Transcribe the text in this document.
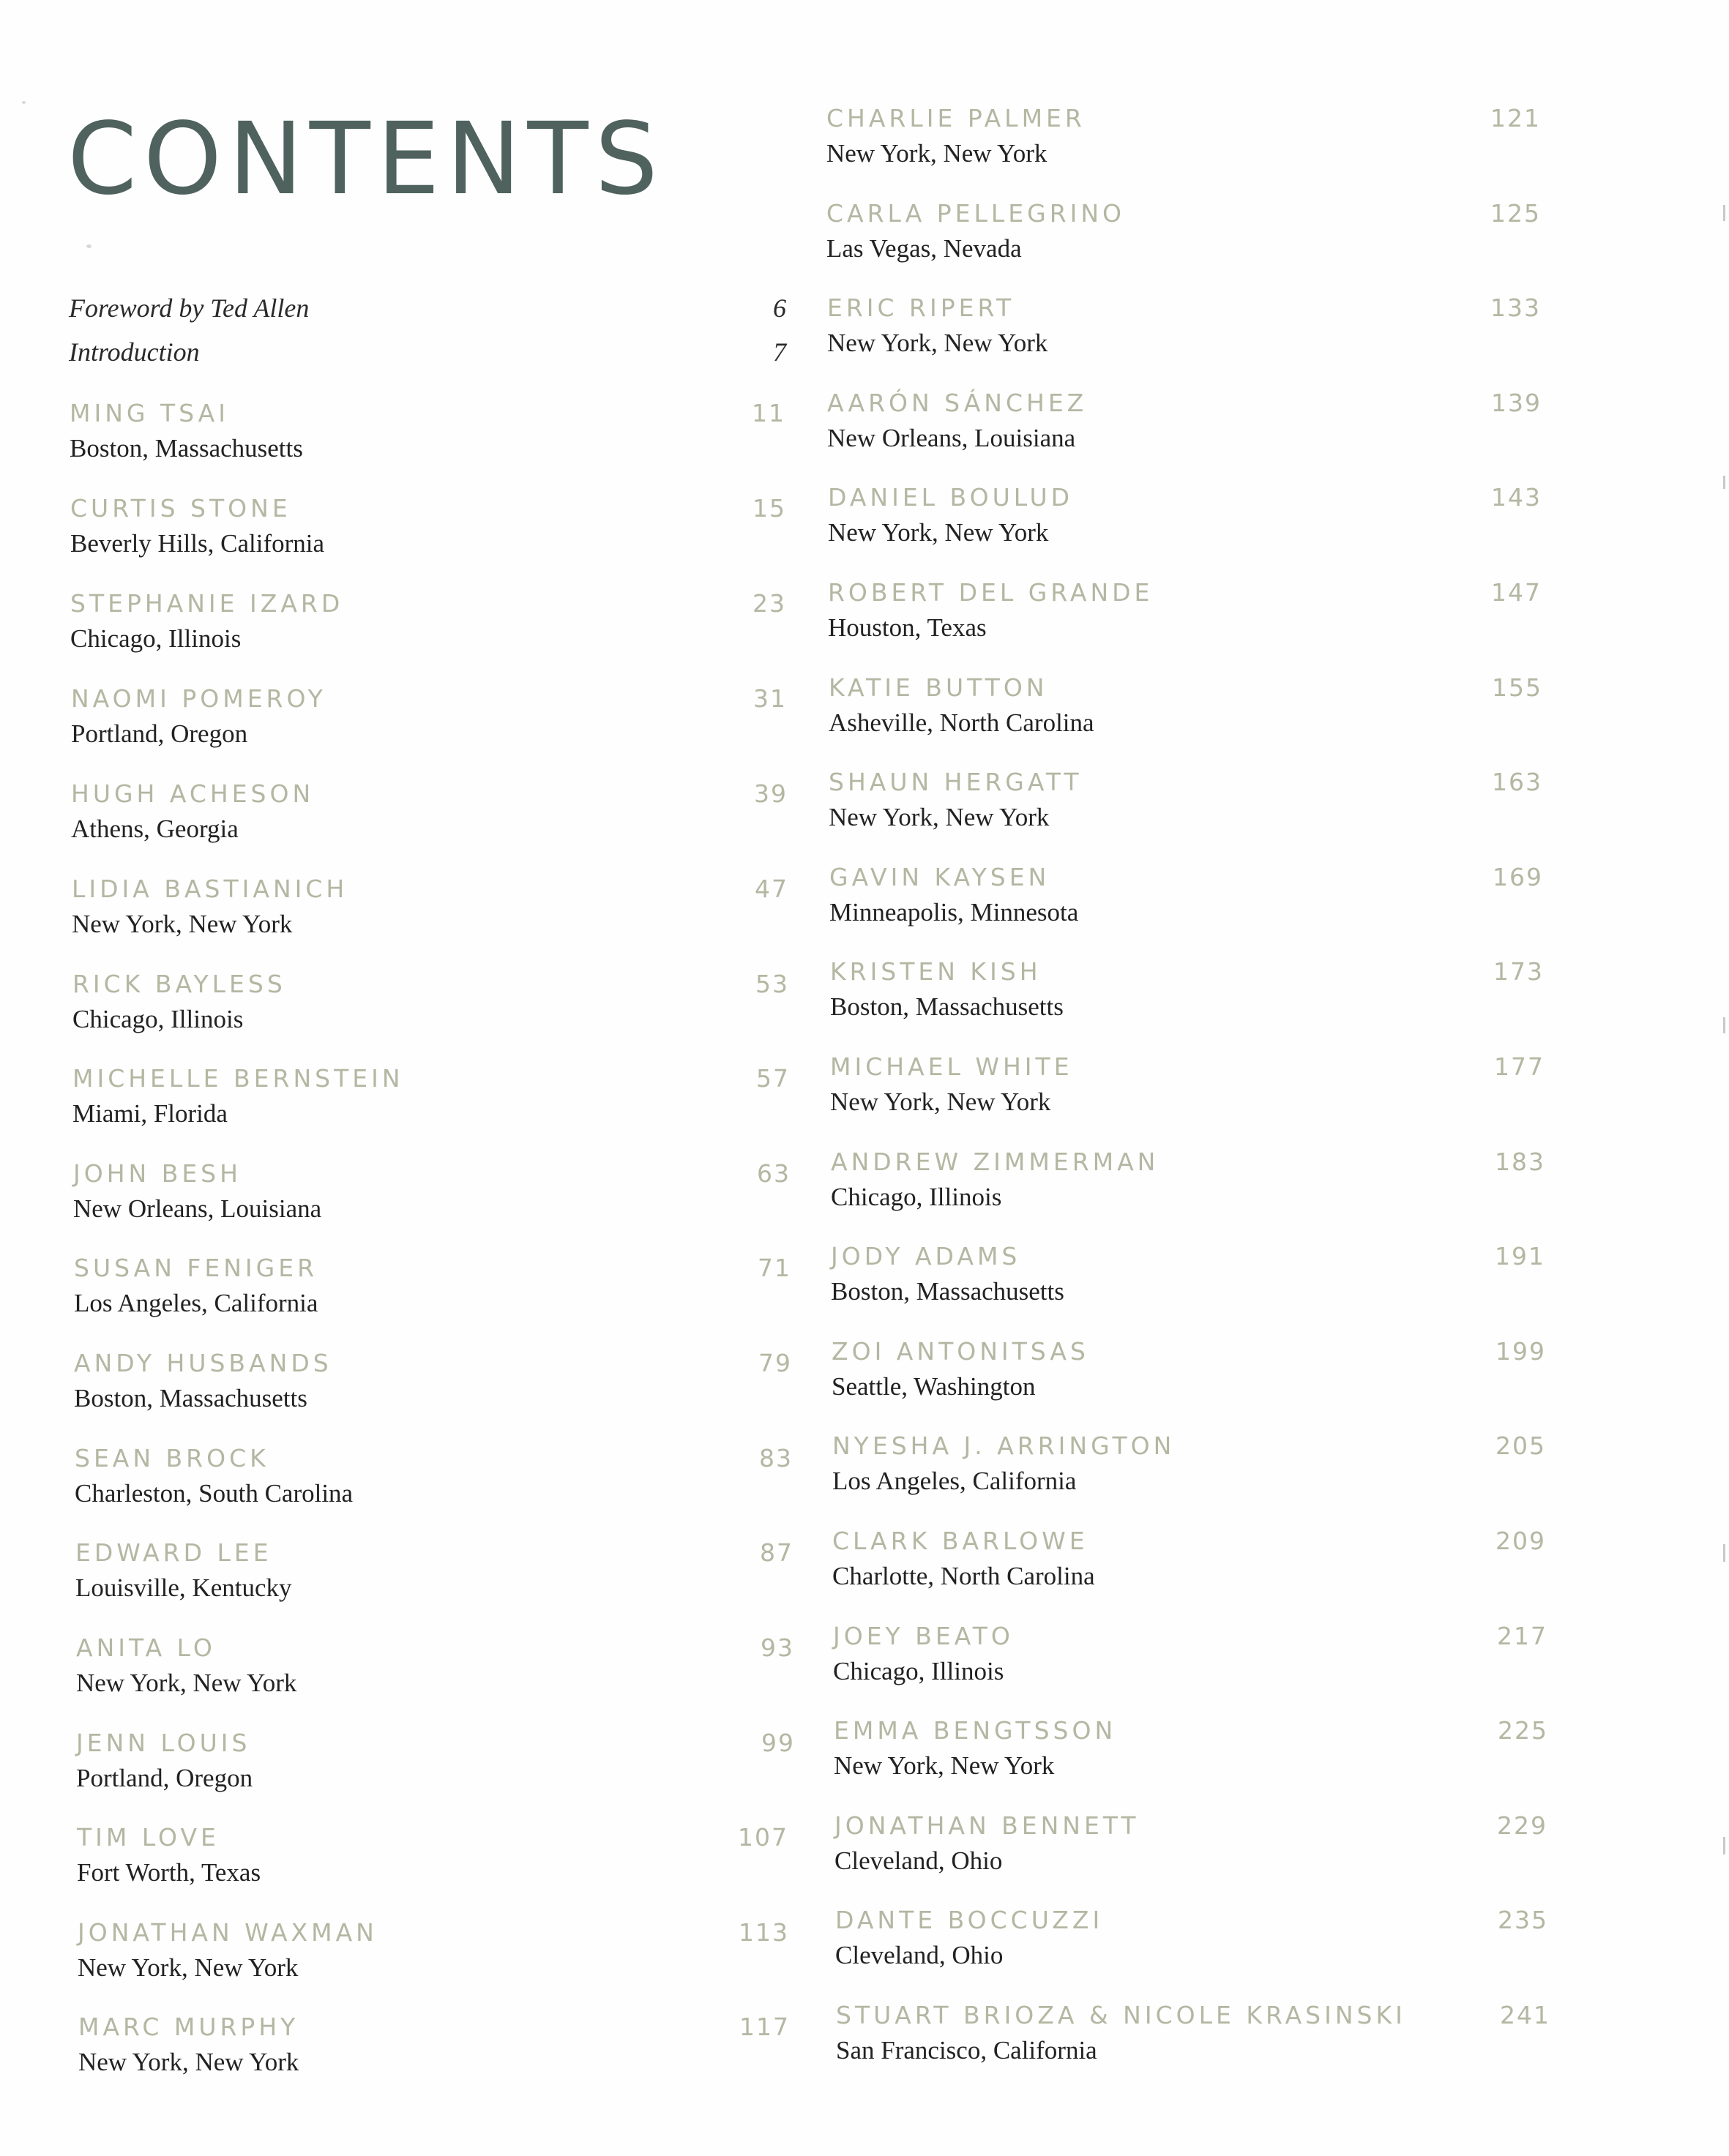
CONTENTS
Foreword by Ted Allen	6
Introduction	7
MING TSAI
Boston, Massachusetts
11
CURTIS STONE
Beverly Hills, California
15
STEPHANIE IZARD
Chicago, Illinois
23
NAOMI POMEROY
Portland, Oregon
31
HUGH ACHESON
Athens, Georgia
39
LIDIA BASTIANICH
New York, New York
47
RICK BAYLESS
Chicago, Illinois
53
MICHELLE BERNSTEIN
Miami, Florida
57
JOHN BESH
New Orleans, Louisiana
63
SUSAN FENIGER
Los Angeles, California
71
ANDY HUSBANDS
Boston, Massachusetts
79
SEAN BROCK
Charleston, South Carolina
83
EDWARD LEE
Louisville, Kentucky
87
ANITA LO
New York, New York
93
JENN LOUIS
Portland, Oregon
99
TIM LOVE
Fort Worth, Texas
107
JONATHAN WAXMAN
New York, New York
113
MARC MURPHY
New York, New York
117
CHARLIE PALMER
New York, New York
121
CARLA PELLEGRINO
Las Vegas, Nevada
125
ERIC RIPERT
New York, New York
133
AARÓN SÁNCHEZ
New Orleans, Louisiana
139
DANIEL BOULUD
New York, New York
143
ROBERT DEL GRANDE
Houston, Texas
147
KATIE BUTTON
Asheville, North Carolina
155
SHAUN HERGATT
New York, New York
163
GAVIN KAYSEN
Minneapolis, Minnesota
169
KRISTEN KISH
Boston, Massachusetts
173
MICHAEL WHITE
New York, New York
177
ANDREW ZIMMERMAN
Chicago, Illinois
183
JODY ADAMS
Boston, Massachusetts
191
ZOI ANTONITSAS
Seattle, Washington
199
NYESHA J. ARRINGTON
Los Angeles, California
205
CLARK BARLOWE
Charlotte, North Carolina
209
JOEY BEATO
Chicago, Illinois
217
EMMA BENGTSSON
New York, New York
225
JONATHAN BENNETT
Cleveland, Ohio
229
DANTE BOCCUZZI
Cleveland, Ohio
235
STUART BRIOZA & NICOLE KRASINSKI
San Francisco, California
241
